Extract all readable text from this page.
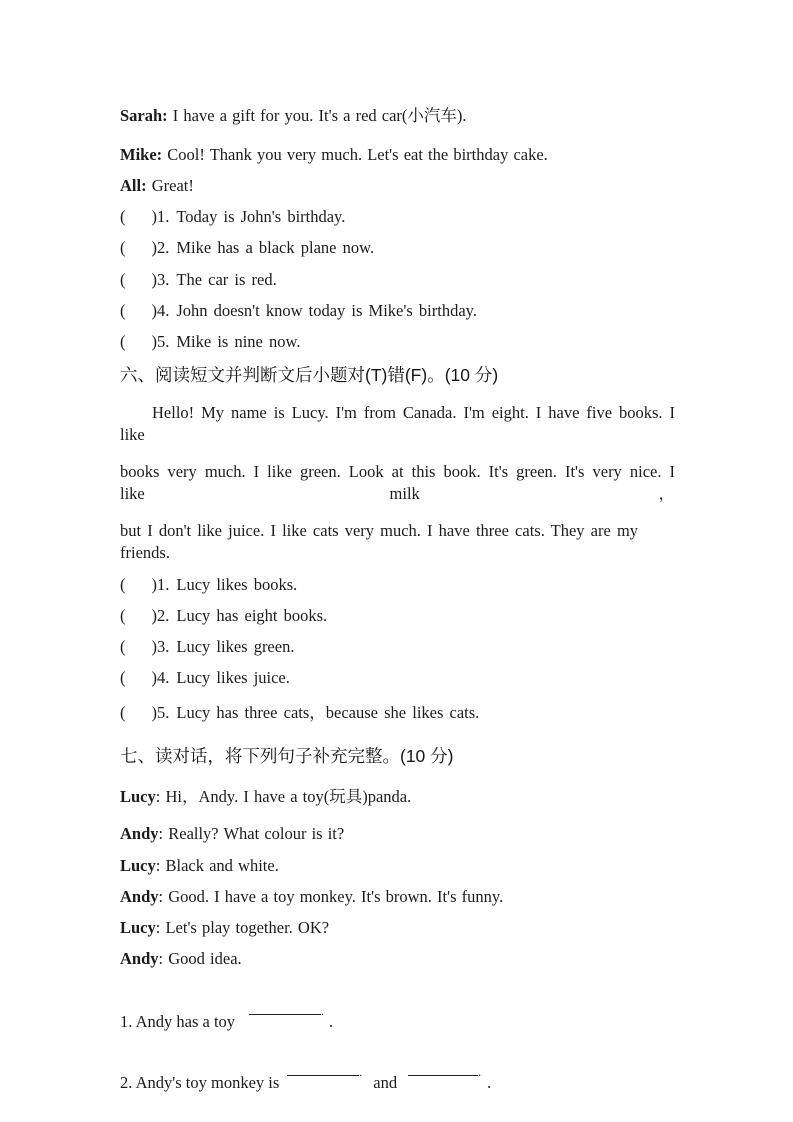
Sarah: I have a gift for you. It's a red car(小汽车).

Mike: Cool! Thank you very much. Let's eat the birthday cake.

All: Great!

( )1. Today is John's birthday.

( )2. Mike has a black plane now.

( )3. The car is red.

( )4. John doesn't know today is Mike's birthday.

( )5. Mike is nine now.

六、阅读短文并判断文后小题对(T)错(F)。(10 分)

Hello! My name is Lucy. I'm from Canada. I'm eight. I have five books. I like

books very much. I like green. Look at this book. It's green. It's very nice. I like milk，

but I don't like juice. I like cats very much. I have three cats. They are my friends.

( )1. Lucy likes books.

( )2. Lucy has eight books.

( )3. Lucy likes green.

( )4. Lucy likes juice.

( )5. Lucy has three cats，because she likes cats.

七、读对话，将下列句子补充完整。(10 分)

Lucy: Hi，Andy. I have a toy(玩具)panda.

Andy: Really? What colour is it?

Lucy: Black and white.

Andy: Good. I have a toy monkey. It's brown. It's funny.

Lucy: Let's play together. OK?

Andy: Good idea.

1. Andy has a toy..

2. Andy's toy monkey is.and..
